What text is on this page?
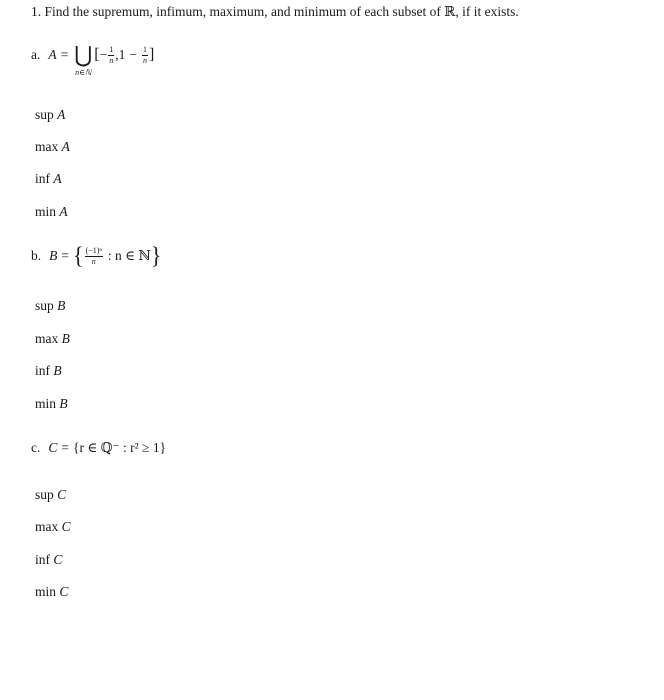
1. Find the supremum, infimum, maximum, and minimum of each subset of ℝ, if it exists.
a. A = ⋃
n∈ℕ
[ − $\frac{1}{n}$ , $1 - \frac{1}{n}$ ]
sup A
max A
inf A
min A
b. B = { $\frac{\text{(−1)ⁿ}}{n}$ : n ∈ ℕ }
sup B
max B
inf B
min B
c. C = {r ∈ ℚ⁻ : r² ≥ 1}
sup C
max C
inf C
min C
